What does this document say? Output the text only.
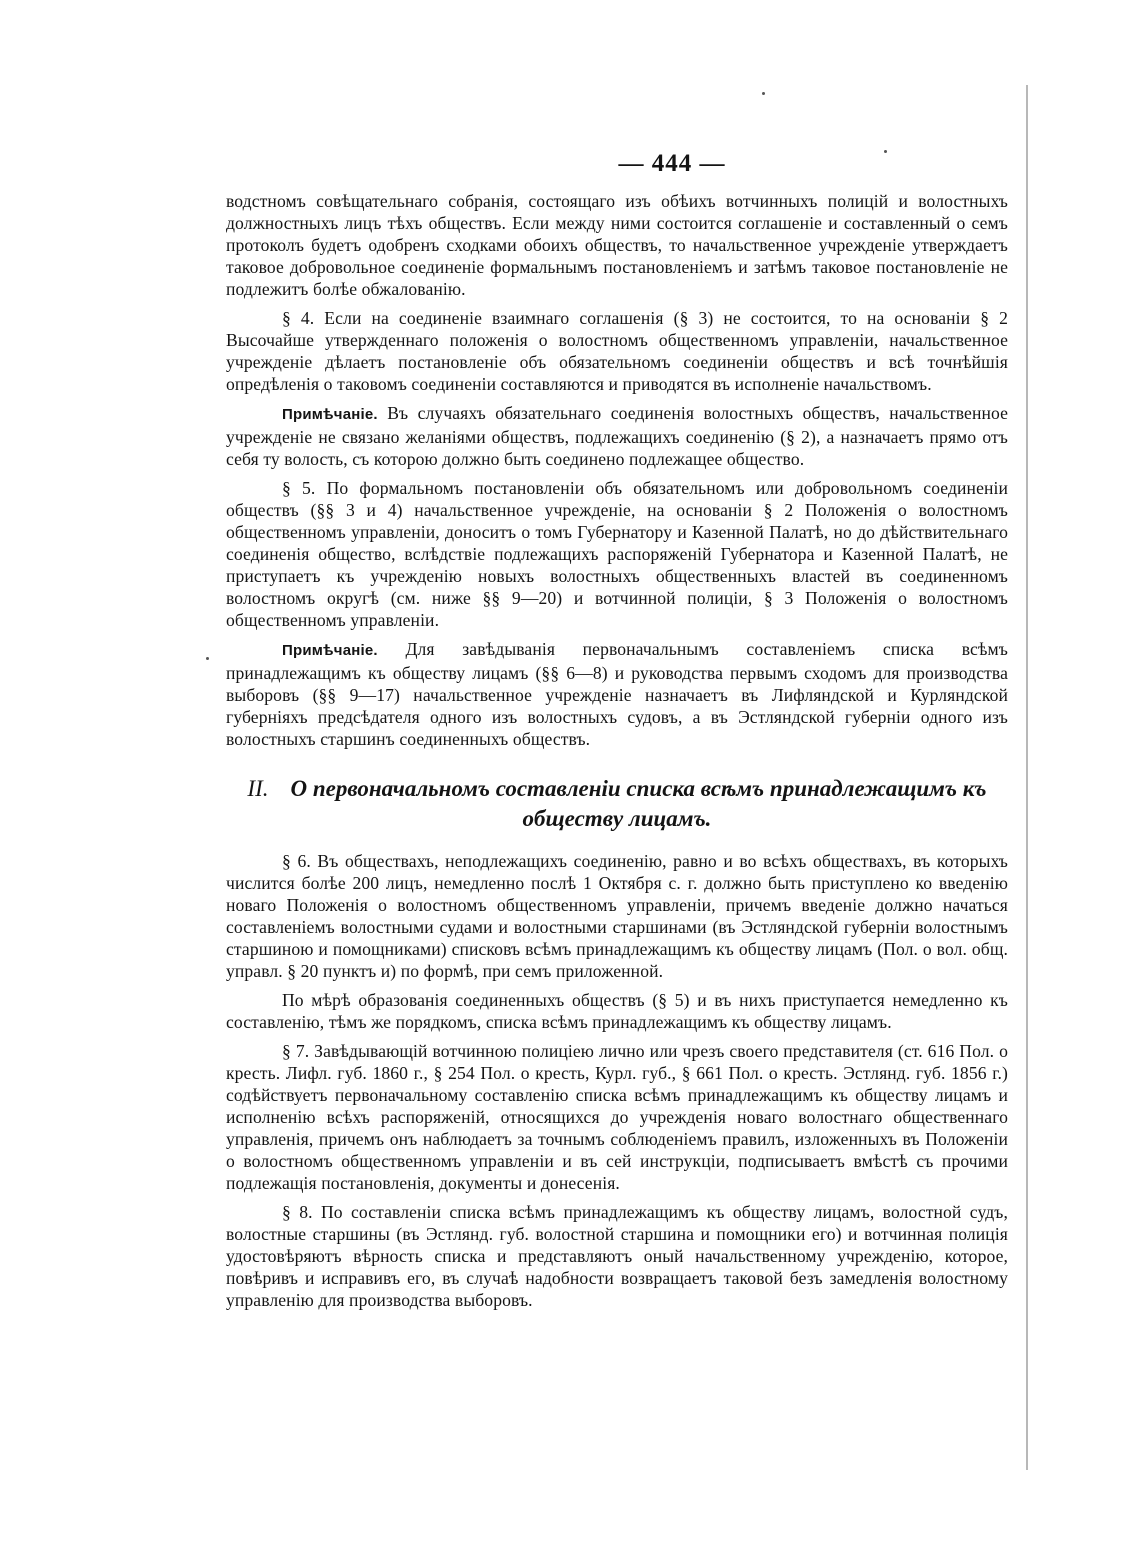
— 444 —

водстномъ совѣщательнаго собранія, состоящаго изъ обѣихъ вотчинныхъ полицій и волостныхъ должностныхъ лицъ тѣхъ обществъ. Если между ними состоится соглашеніе и составленный о семъ протоколъ будетъ одобренъ сходками обоихъ обществъ, то начальственное учрежденіе утверждаетъ таковое добровольное соединеніе формальнымъ постановленіемъ и затѣмъ таковое постановленіе не подлежитъ болѣе обжалованію.

§ 4. Если на соединеніе взаимнаго соглашенія (§ 3) не состоится, то на основаніи § 2 Высочайше утвержденнаго положенія о волостномъ общественномъ управленіи, начальственное учрежденіе дѣлаетъ постановленіе объ обязательномъ соединеніи обществъ и всѣ точнѣйшія опредѣленія о таковомъ соединеніи составляются и приводятся въ исполненіе начальствомъ.

Примѣчаніе. Въ случаяхъ обязательнаго соединенія волостныхъ обществъ, начальственное учрежденіе не связано желаніями обществъ, подлежащихъ соединенію (§ 2), а назначаетъ прямо отъ себя ту волость, съ которою должно быть соединено подлежащее общество.

§ 5. По формальномъ постановленіи объ обязательномъ или добровольномъ соединеніи обществъ (§§ 3 и 4) начальственное учрежденіе, на основаніи § 2 Положенія о волостномъ общественномъ управленіи, доноситъ о томъ Губернатору и Казенной Палатѣ, но до дѣйствительнаго соединенія общество, вслѣдствіе подлежащихъ распоряженій Губернатора и Казенной Палатѣ, не приступаетъ къ учрежденію новыхъ волостныхъ общественныхъ властей въ соединенномъ волостномъ округѣ (см. ниже §§ 9—20) и вотчинной полиціи, § 3 Положенія о волостномъ общественномъ управленіи.

Примѣчаніе. Для завѣдыванія первоначальнымъ составленіемъ списка всѣмъ принадлежащимъ къ обществу лицамъ (§§ 6—8) и руководства первымъ сходомъ для производства выборовъ (§§ 9—17) начальственное учрежденіе назначаетъ въ Лифляндской и Курляндской губерніяхъ предсѣдателя одного изъ волостныхъ судовъ, а въ Эстляндской губерніи одного изъ волостныхъ старшинъ соединенныхъ обществъ.

II. О первоначальномъ составленіи списка всѣмъ принадлежащимъ къ обществу лицамъ.

§ 6. Въ обществахъ, неподлежащихъ соединенію, равно и во всѣхъ обществахъ, въ которыхъ числится болѣе 200 лицъ, немедленно послѣ 1 Октября с. г. должно быть приступлено ко введенію новаго Положенія о волостномъ общественномъ управленіи, причемъ введеніе должно начаться составленіемъ волостными судами и волостными старшинами (въ Эстляндской губерніи волостнымъ старшиною и помощниками) списковъ всѣмъ принадлежащимъ къ обществу лицамъ (Пол. о вол. общ. управл. § 20 пунктъ и) по формѣ, при семъ приложенной.

По мѣрѣ образованія соединенныхъ обществъ (§ 5) и въ нихъ приступается немедленно къ составленію, тѣмъ же порядкомъ, списка всѣмъ принадлежащимъ къ обществу лицамъ.

§ 7. Завѣдывающій вотчинною полиціею лично или чрезъ своего представителя (ст. 616 Пол. о кресть. Лифл. губ. 1860 г., § 254 Пол. о кресть, Курл. губ., § 661 Пол. о кресть. Эстлянд. губ. 1856 г.) содѣйствуетъ первоначальному составленію списка всѣмъ принадлежащимъ къ обществу лицамъ и исполненію всѣхъ распоряженій, относящихся до учрежденія новаго волостнаго общественнаго управленія, причемъ онъ наблюдаетъ за точнымъ соблюденіемъ правилъ, изложенныхъ въ Положеніи о волостномъ общественномъ управленіи и въ сей инструкціи, подписываетъ вмѣстѣ съ прочими подлежащія постановленія, документы и донесенія.

§ 8. По составленіи списка всѣмъ принадлежащимъ къ обществу лицамъ, волостной судъ, волостные старшины (въ Эстлянд. губ. волостной старшина и помощники его) и вотчинная полиція удостовѣряютъ вѣрность списка и представляютъ оный начальственному учрежденію, которое, повѣривъ и исправивъ его, въ случаѣ надобности возвращаетъ таковой безъ замедленія волостному управленію для производства выборовъ.
